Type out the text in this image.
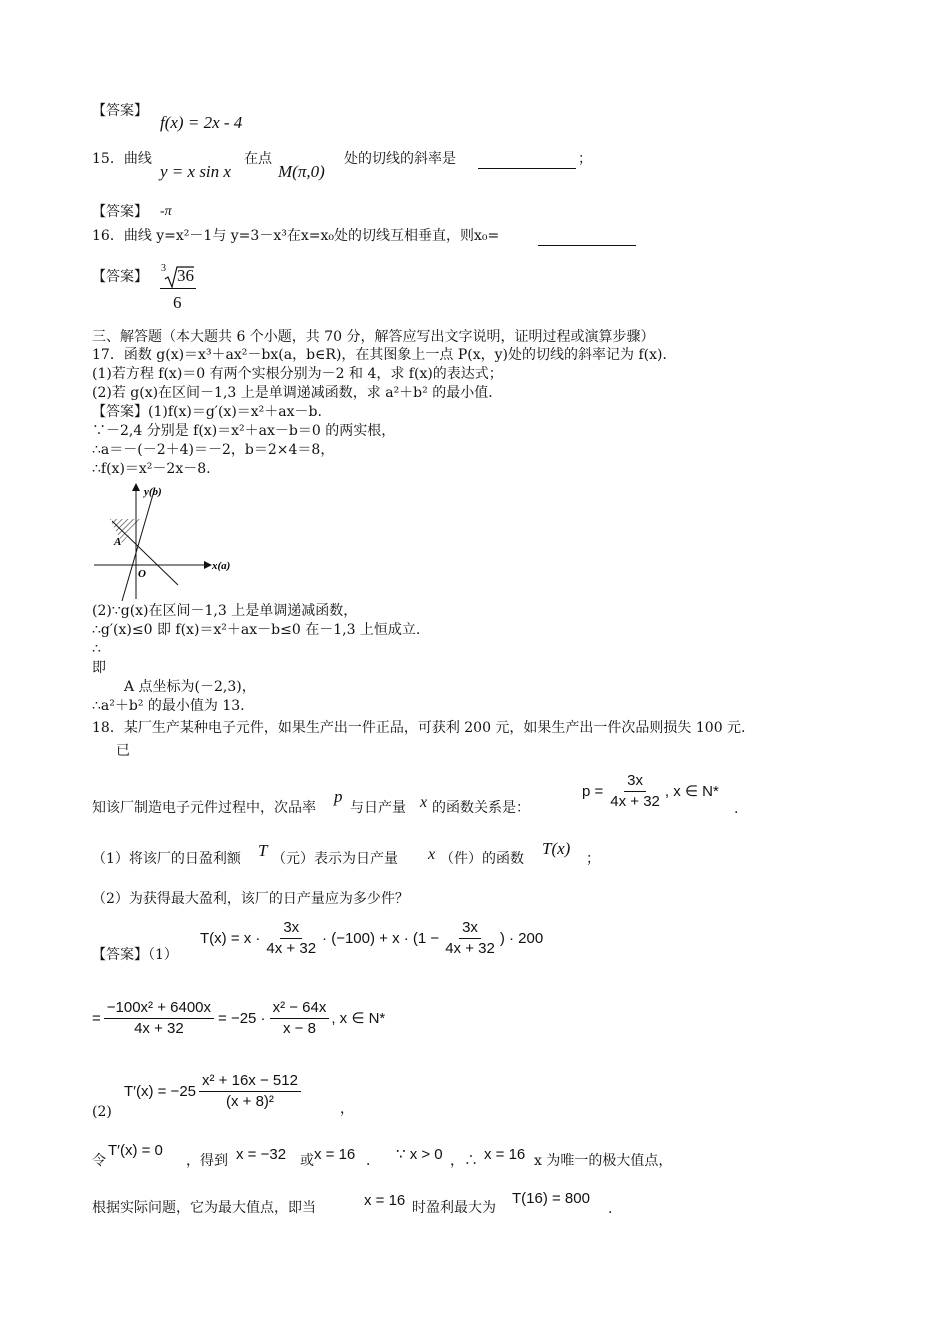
【答案】
f(x) = 2x - 4
15．曲线
y = x sin x
在点
M(π,0)
处的切线的斜率是
	；
【答案】 -π
16．曲线 y=x²－1与 y=3－x³在x=x₀处的切线互相垂直，则x₀=

【答案】
3 36
6
三、解答题（本大题共 6 个小题，共 70 分，解答应写出文字说明，证明过程或演算步骤）
17．函数 g(x)＝x³＋ax²－bx(a，b∈R)，在其图象上一点 P(x，y)处的切线的斜率记为 f(x)．
(1)若方程 f(x)＝0 有两个实根分别为－2 和 4，求 f(x)的表达式；
(2)若 g(x)在区间－1,3 上是单调递减函数，求 a²＋b² 的最小值．
【答案】(1)f(x)＝g′(x)＝x²＋ax－b.
∵－2,4 分别是 f(x)＝x²＋ax－b＝0 的两实根，
∴a＝－(－2＋4)＝－2，b＝2×4＝8，
∴f(x)＝x²－2x－8.
y(b)
x(a)
A
O
(2)∵g(x)在区间－1,3 上是单调递减函数，
∴g′(x)≤0 即 f(x)＝x²＋ax－b≤0 在－1,3 上恒成立.
∴
即
A 点坐标为(－2,3)，
∴a²＋b² 的最小值为 13.
18．某厂生产某种电子元件，如果生产出一件正品，可获利 200 元，如果生产出一件次品则损失 100 元.
已
知该厂制造电子元件过程中，次品率
p
与日产量 x 的函数关系是：
$p = \frac{3x}{4x + 32}$ , x ∈ N*
.
（1）将该厂的日盈利额 T （元）表示为日产量 x （件）的函数
T(x)
；
（2）为获得最大盈利，该厂的日产量应为多少件？
【答案】（1）
$T(x) = x \cdot \frac{3x}{4x + 32} \cdot (-100) + x \cdot (1 - \frac{3x}{4x + 32}$ ) · 200
= $\frac{\text{−100x² + 6400x}}{4x + 32} = -25 \cdot \frac{\text{x² − 64x}}{x - 8}$ , x ∈ N*
$T'(x) = -25 \frac{\text{x² + 16x − 512}}{\text{(x + 8)²}}$
(2)	，
令
T′(x) = 0
，得到 x = −32 或 x = 16 ． ∵ x > 0 ，∴ x = 16 x 为唯一的极大值点，
根据实际问题，它为最大值点，即当	x = 16 时盈利最大为
T(16) = 800
.
